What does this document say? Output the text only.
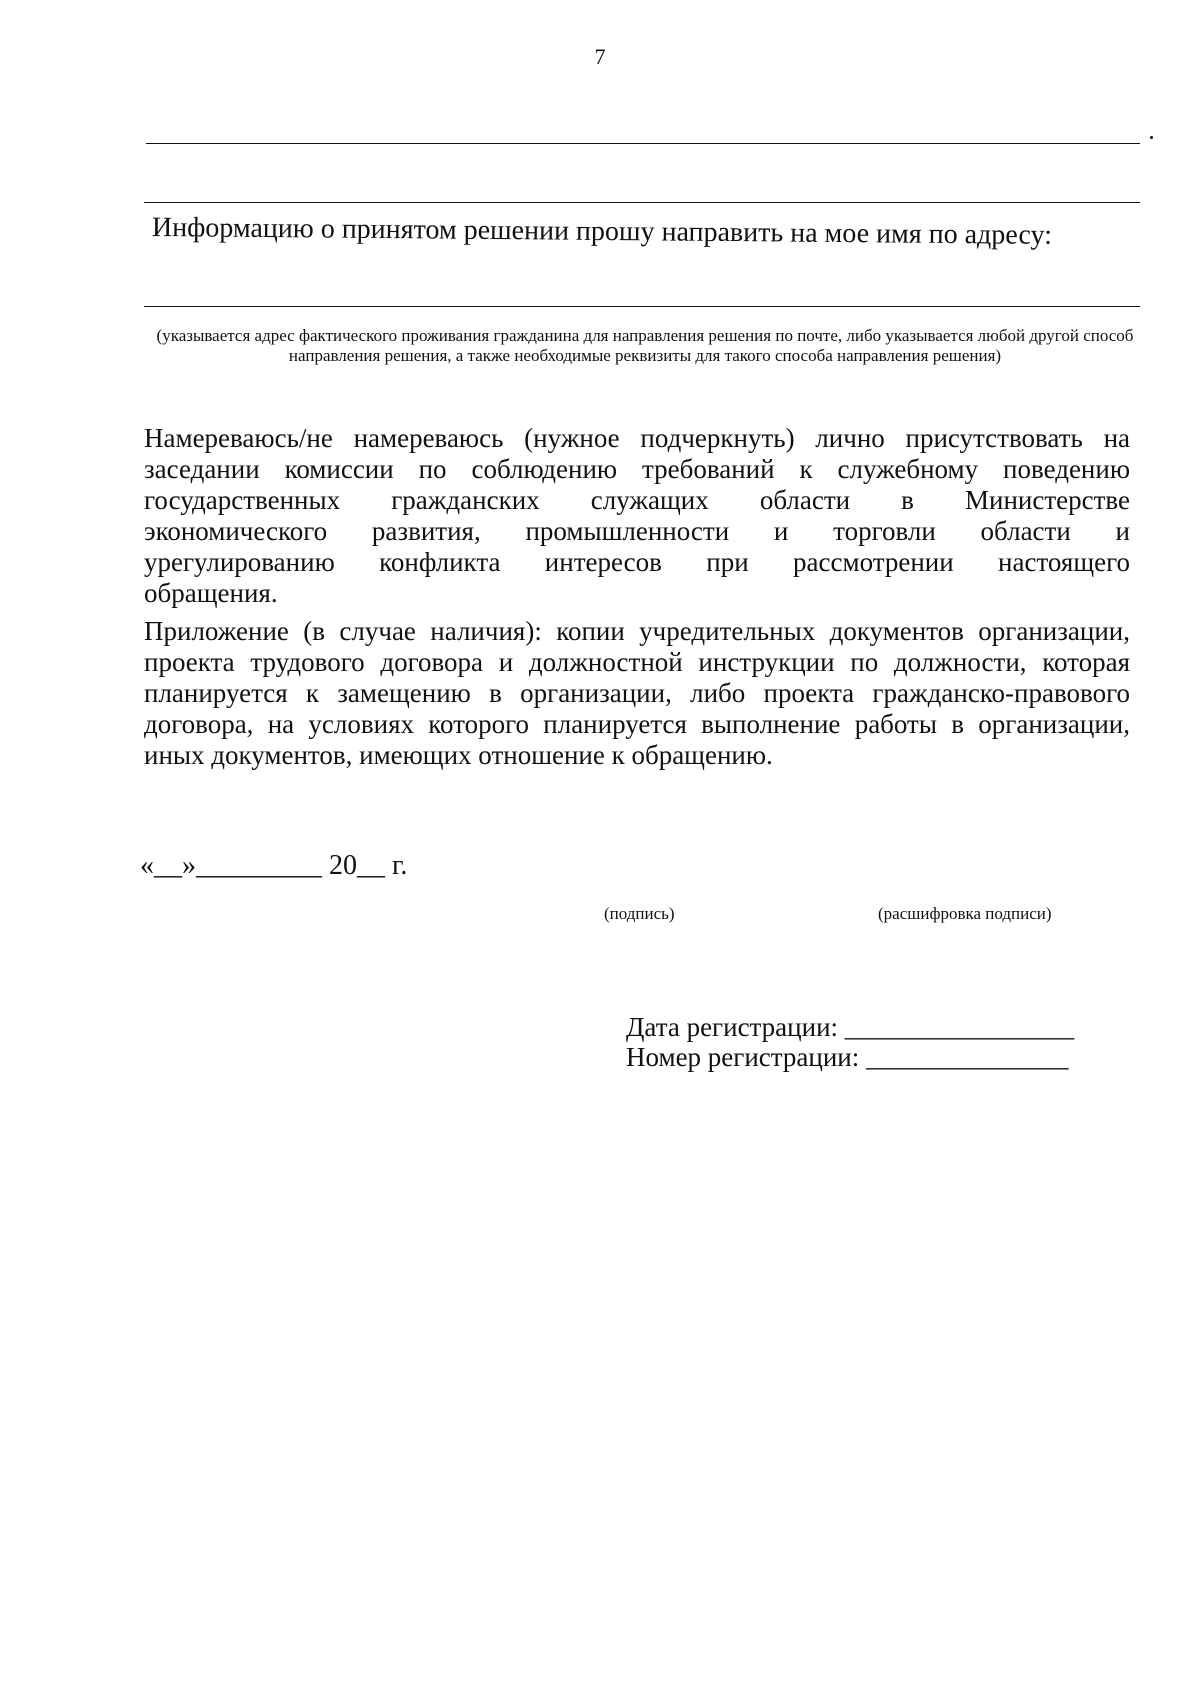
7
Информацию о принятом решении прошу направить на мое имя по адресу:
(указывается адрес фактического проживания гражданина для направления решения по почте, либо указывается любой другой способ направления решения, а также необходимые реквизиты для такого способа направления решения)
Намереваюсь/не намереваюсь (нужное подчеркнуть) лично присутствовать на
заседании комиссии по соблюдению требований к служебному поведению
государственных гражданских служащих области в Министерстве
экономического развития, промышленности и торговли области и
урегулированию конфликта интересов при рассмотрении настоящего
обращения.
Приложение (в случае наличия): копии учредительных документов организации,
проекта трудового договора и должностной инструкции по должности, которая
планируется к замещению в организации, либо проекта гражданско-правового
договора, на условиях которого планируется выполнение работы в организации,
иных документов, имеющих отношение к обращению.
«__»_________ 20__ г.
(подпись)	(расшифровка подписи)
Дата регистрации: _________________
Номер регистрации: _______________
